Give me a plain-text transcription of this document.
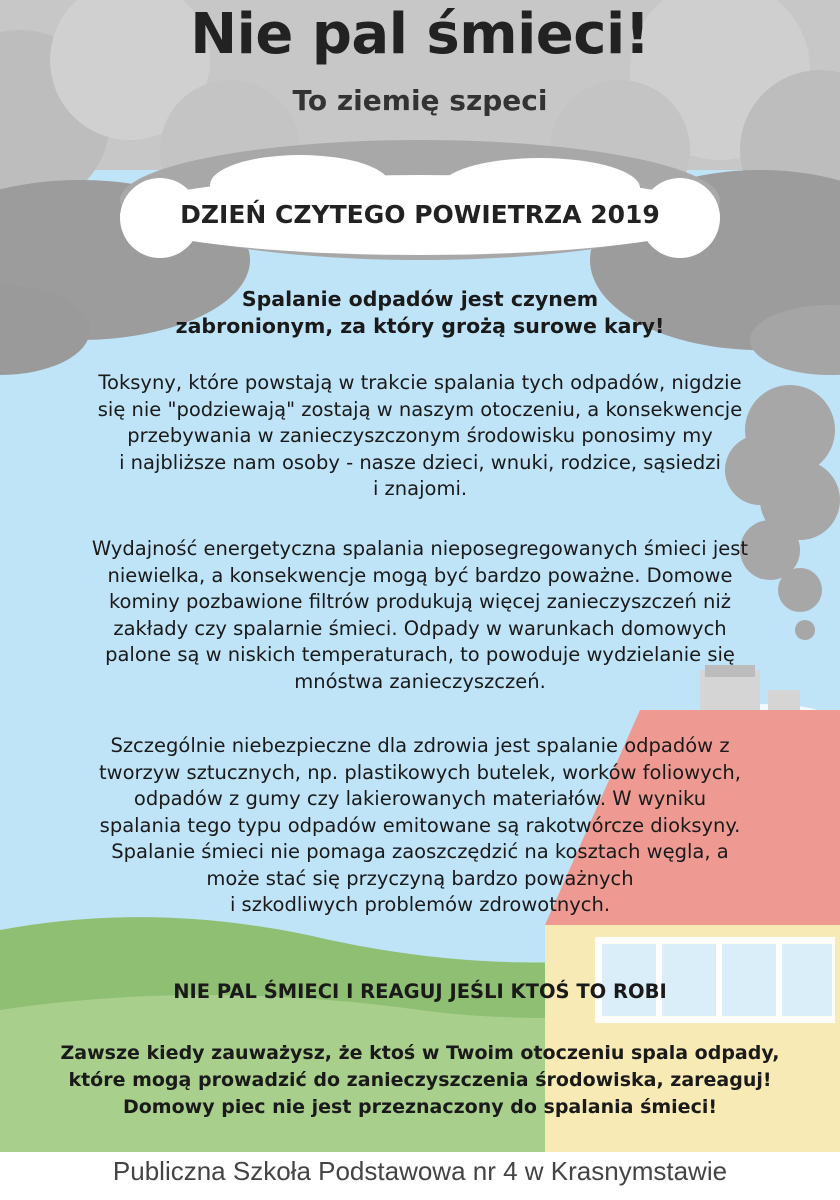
Nie pal śmieci!
To ziemię szpeci
DZIEŃ CZYTEGO POWIETRZA 2019
Spalanie odpadów jest czynem
zabronionym, za który grożą surowe kary!
Toksyny, które powstają w trakcie spalania tych odpadów, nigdzie
się nie "podziewają" zostają w naszym otoczeniu, a konsekwencje
przebywania w zanieczyszczonym środowisku ponosimy my
i najbliższe nam osoby - nasze dzieci, wnuki, rodzice, sąsiedzi
i znajomi.
Wydajność energetyczna spalania nieposegregowanych śmieci jest
niewielka, a konsekwencje mogą być bardzo poważne. Domowe
kominy pozbawione filtrów produkują więcej zanieczyszczeń niż
zakłady czy spalarnie śmieci. Odpady w warunkach domowych
palone są w niskich temperaturach, to powoduje wydzielanie się
mnóstwa zanieczyszczeń.
Szczególnie niebezpieczne dla zdrowia jest spalanie odpadów z
tworzyw sztucznych, np. plastikowych butelek, worków foliowych,
odpadów z gumy czy lakierowanych materiałów. W wyniku
spalania tego typu odpadów emitowane są rakotwórcze dioksyny.
Spalanie śmieci nie pomaga zaoszczędzić na kosztach węgla, a
może stać się przyczyną bardzo poważnych
i szkodliwych problemów zdrowotnych.
NIE PAL ŚMIECI I REAGUJ JEŚLI KTOŚ TO ROBI
Zawsze kiedy zauważysz, że ktoś w Twoim otoczeniu spala odpady,
które mogą prowadzić do zanieczyszczenia środowiska, zareaguj!
Domowy piec nie jest przeznaczony do spalania śmieci!
Publiczna Szkoła Podstawowa nr 4 w Krasnymstawie
